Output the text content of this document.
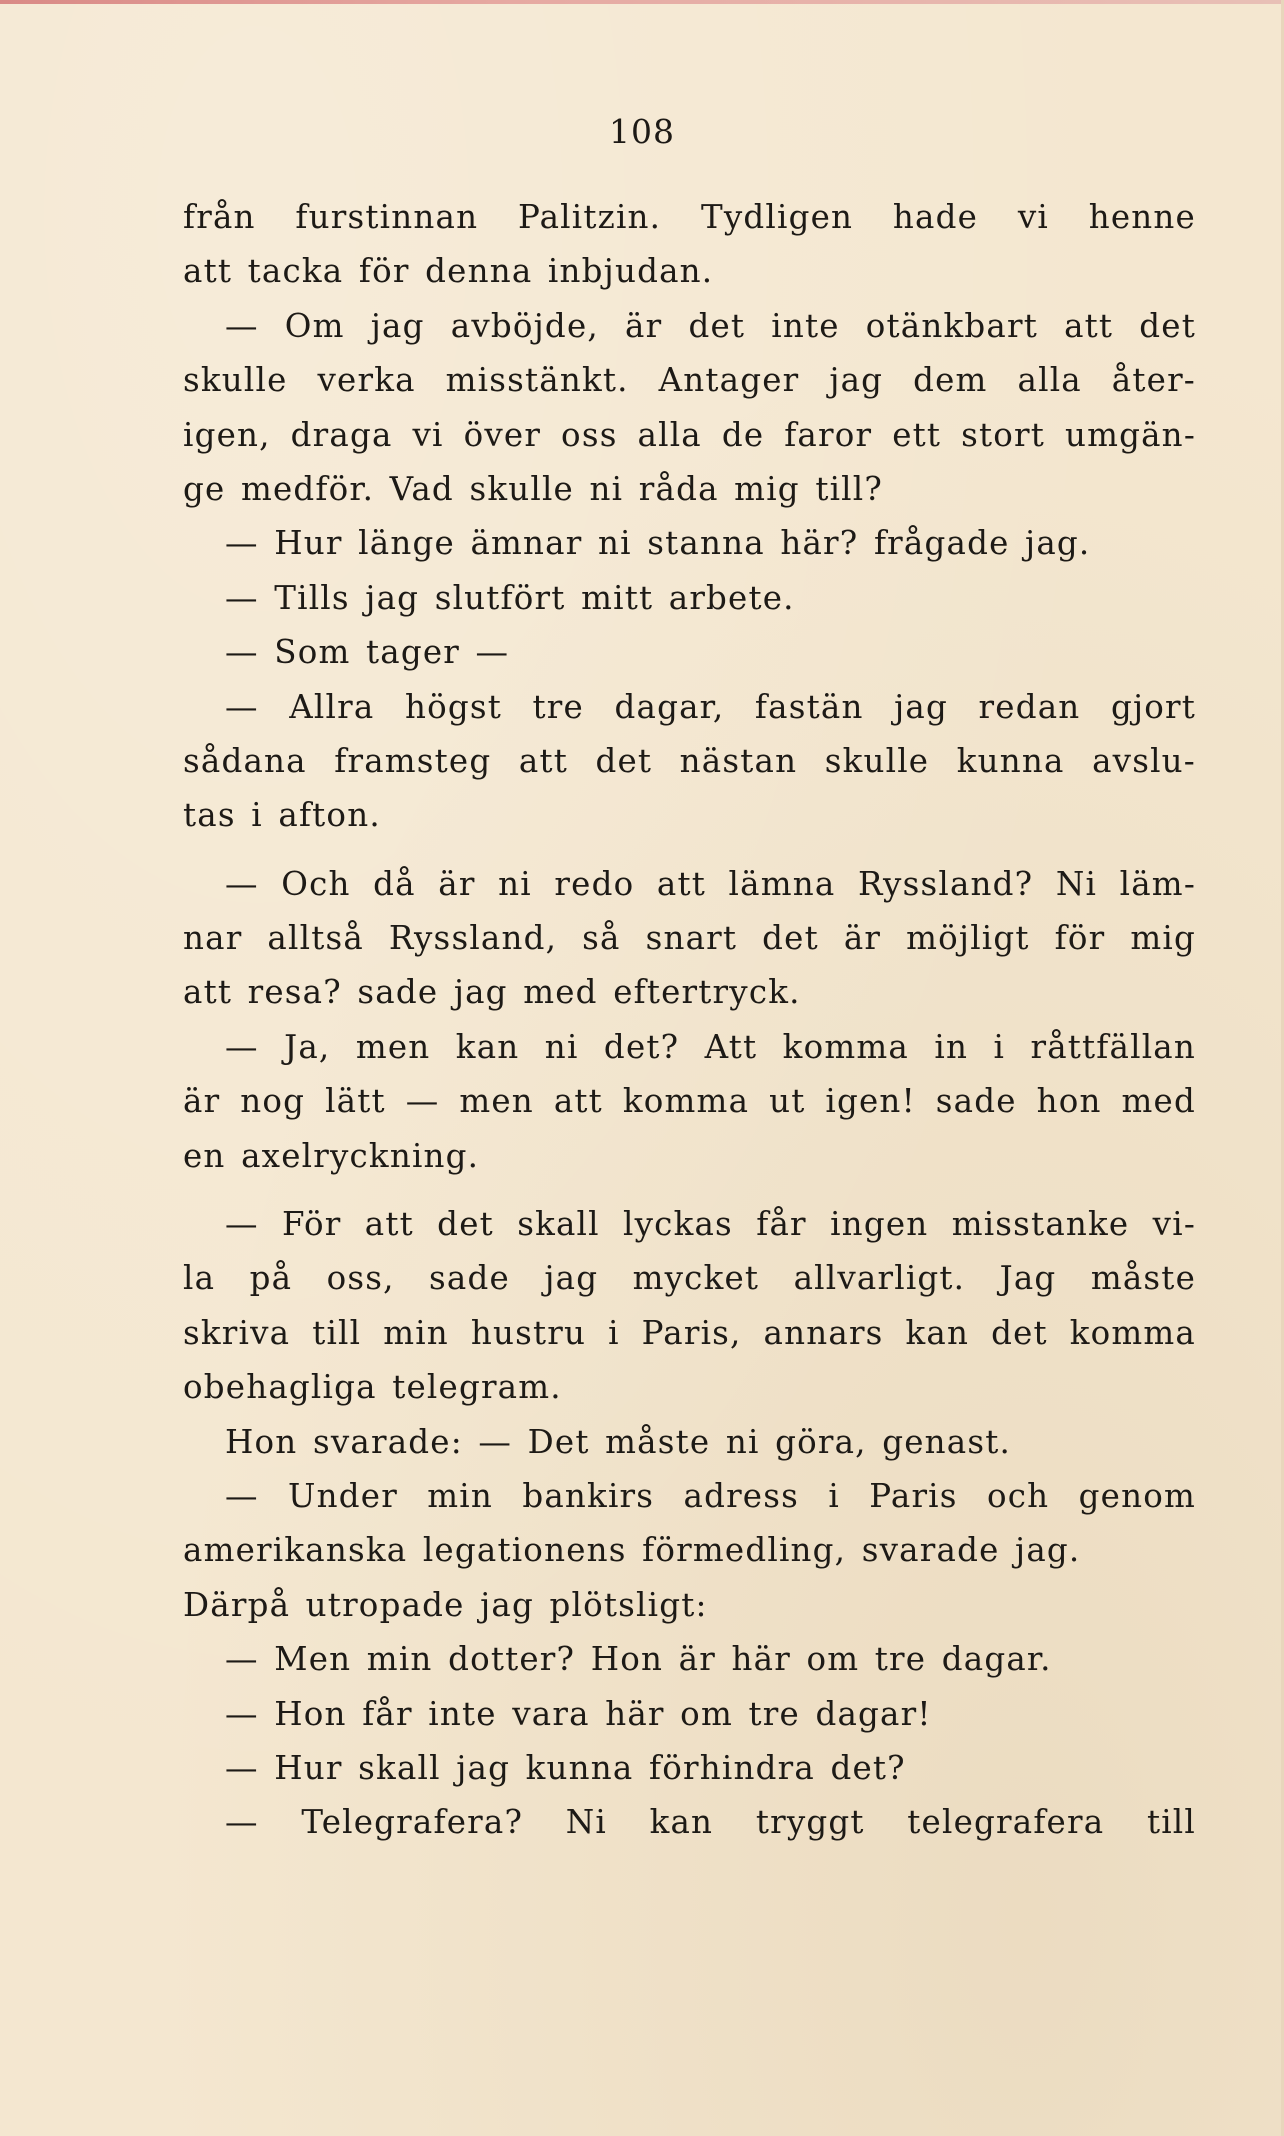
108
från furstinnan Palitzin. Tydligen hade vi henne
att tacka för denna inbjudan.
— Om jag avböjde, är det inte otänkbart att det
skulle verka misstänkt. Antager jag dem alla åter-
igen, draga vi över oss alla de faror ett stort umgän-
ge medför. Vad skulle ni råda mig till?
— Hur länge ämnar ni stanna här? frågade jag.
— Tills jag slutfört mitt arbete.
— Som tager —
— Allra högst tre dagar, fastän jag redan gjort
sådana framsteg att det nästan skulle kunna avslu-
tas i afton.
— Och då är ni redo att lämna Ryssland? Ni läm-
nar alltså Ryssland, så snart det är möjligt för mig
att resa? sade jag med eftertryck.
— Ja, men kan ni det? Att komma in i råttfällan
är nog lätt — men att komma ut igen! sade hon med
en axelryckning.
— För att det skall lyckas får ingen misstanke vi-
la på oss, sade jag mycket allvarligt. Jag måste
skriva till min hustru i Paris, annars kan det komma
obehagliga telegram.
Hon svarade: — Det måste ni göra, genast.
— Under min bankirs adress i Paris och genom
amerikanska legationens förmedling, svarade jag.
Därpå utropade jag plötsligt:
— Men min dotter? Hon är här om tre dagar.
— Hon får inte vara här om tre dagar!
— Hur skall jag kunna förhindra det?
— Telegrafera? Ni kan tryggt telegrafera till
